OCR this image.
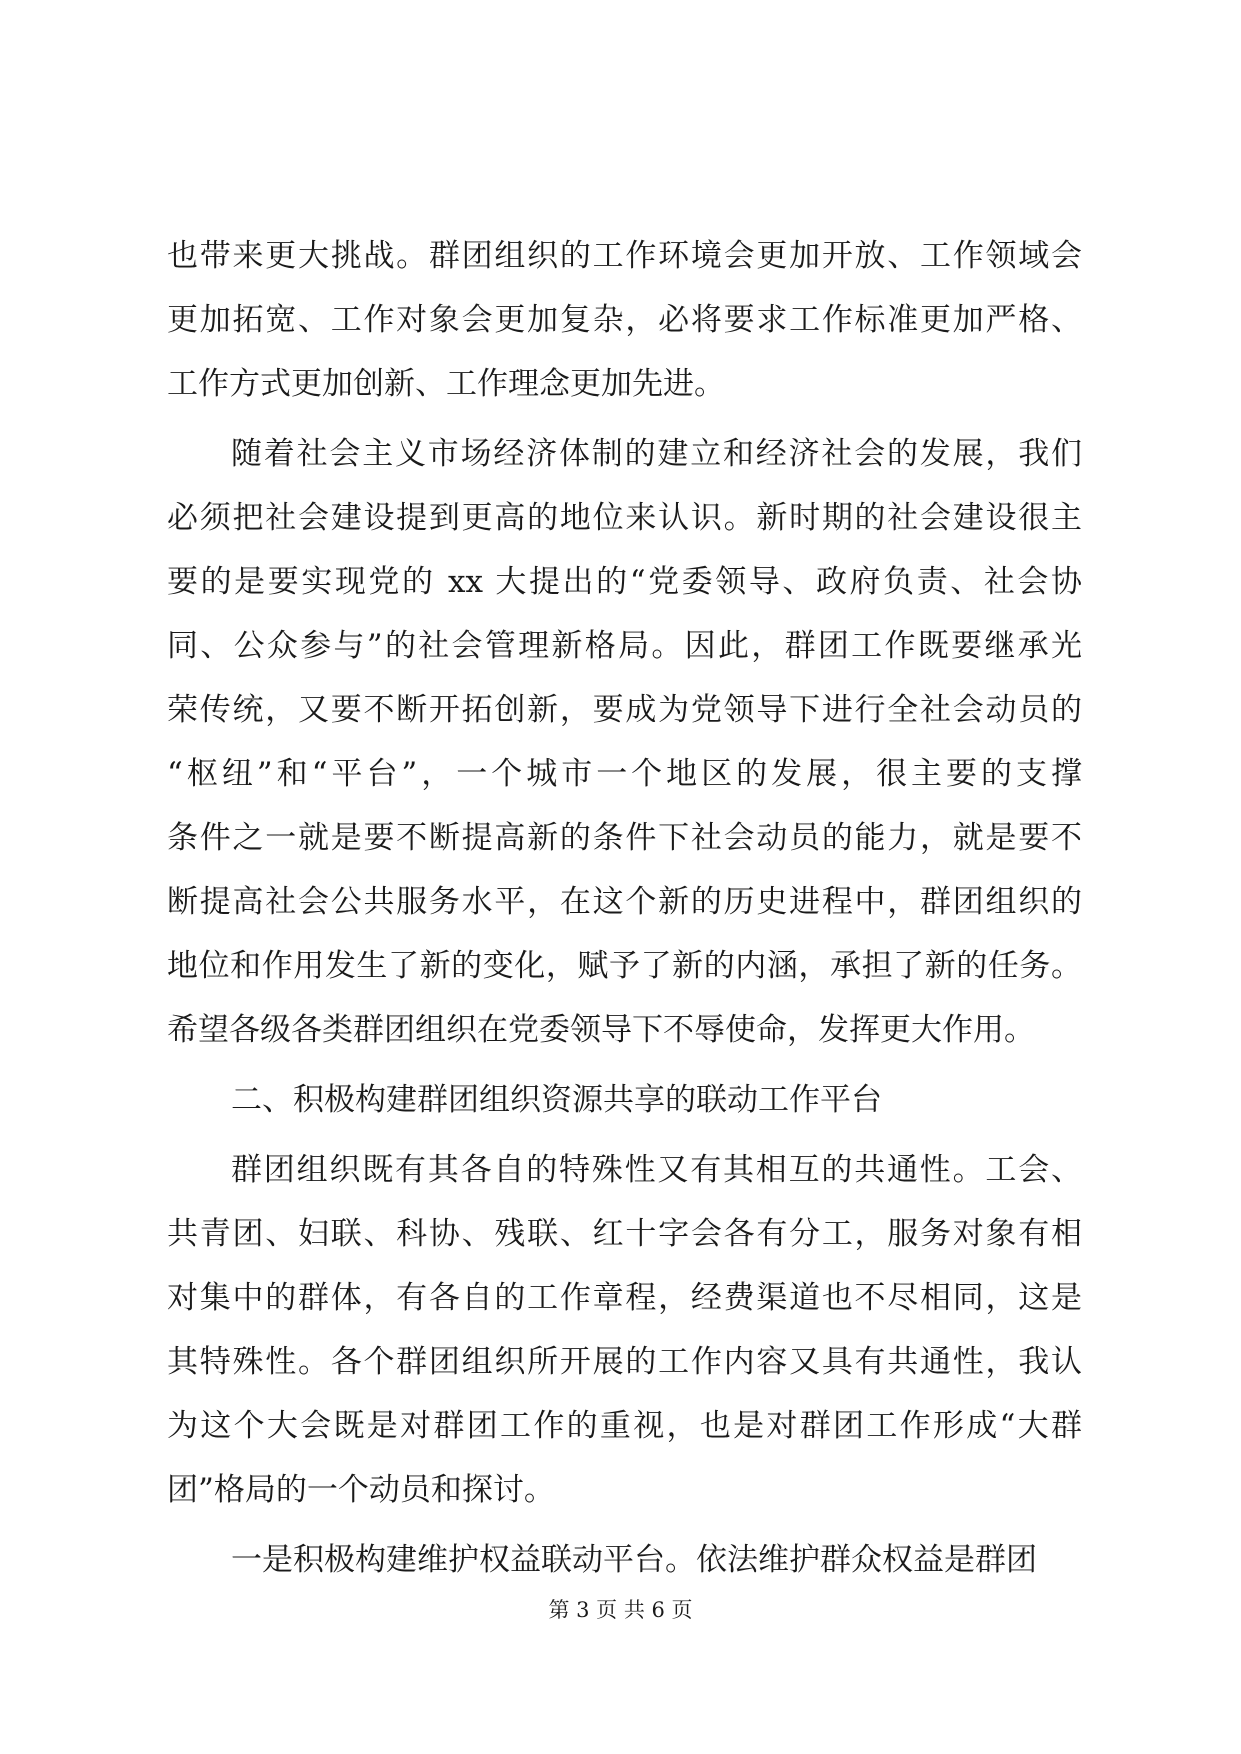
也带来更大挑战。群团组织的工作环境会更加开放、工作领域会
更加拓宽、工作对象会更加复杂，必将要求工作标准更加严格、
工作方式更加创新、工作理念更加先进。
随着社会主义市场经济体制的建立和经济社会的发展，我们
必须把社会建设提到更高的地位来认识。新时期的社会建设很主
要的是要实现党的 xx 大提出的“党委领导、政府负责、社会协
同、公众参与”的社会管理新格局。因此，群团工作既要继承光
荣传统，又要不断开拓创新，要成为党领导下进行全社会动员的
“枢纽”和“平台”，一个城市一个地区的发展，很主要的支撑
条件之一就是要不断提高新的条件下社会动员的能力，就是要不
断提高社会公共服务水平，在这个新的历史进程中，群团组织的
地位和作用发生了新的变化，赋予了新的内涵，承担了新的任务。
希望各级各类群团组织在党委领导下不辱使命，发挥更大作用。
二、积极构建群团组织资源共享的联动工作平台
群团组织既有其各自的特殊性又有其相互的共通性。工会、
共青团、妇联、科协、残联、红十字会各有分工，服务对象有相
对集中的群体，有各自的工作章程，经费渠道也不尽相同，这是
其特殊性。各个群团组织所开展的工作内容又具有共通性，我认
为这个大会既是对群团工作的重视，也是对群团工作形成“大群
团”格局的一个动员和探讨。
一是积极构建维护权益联动平台。依法维护群众权益是群团
第 3 页 共 6 页
